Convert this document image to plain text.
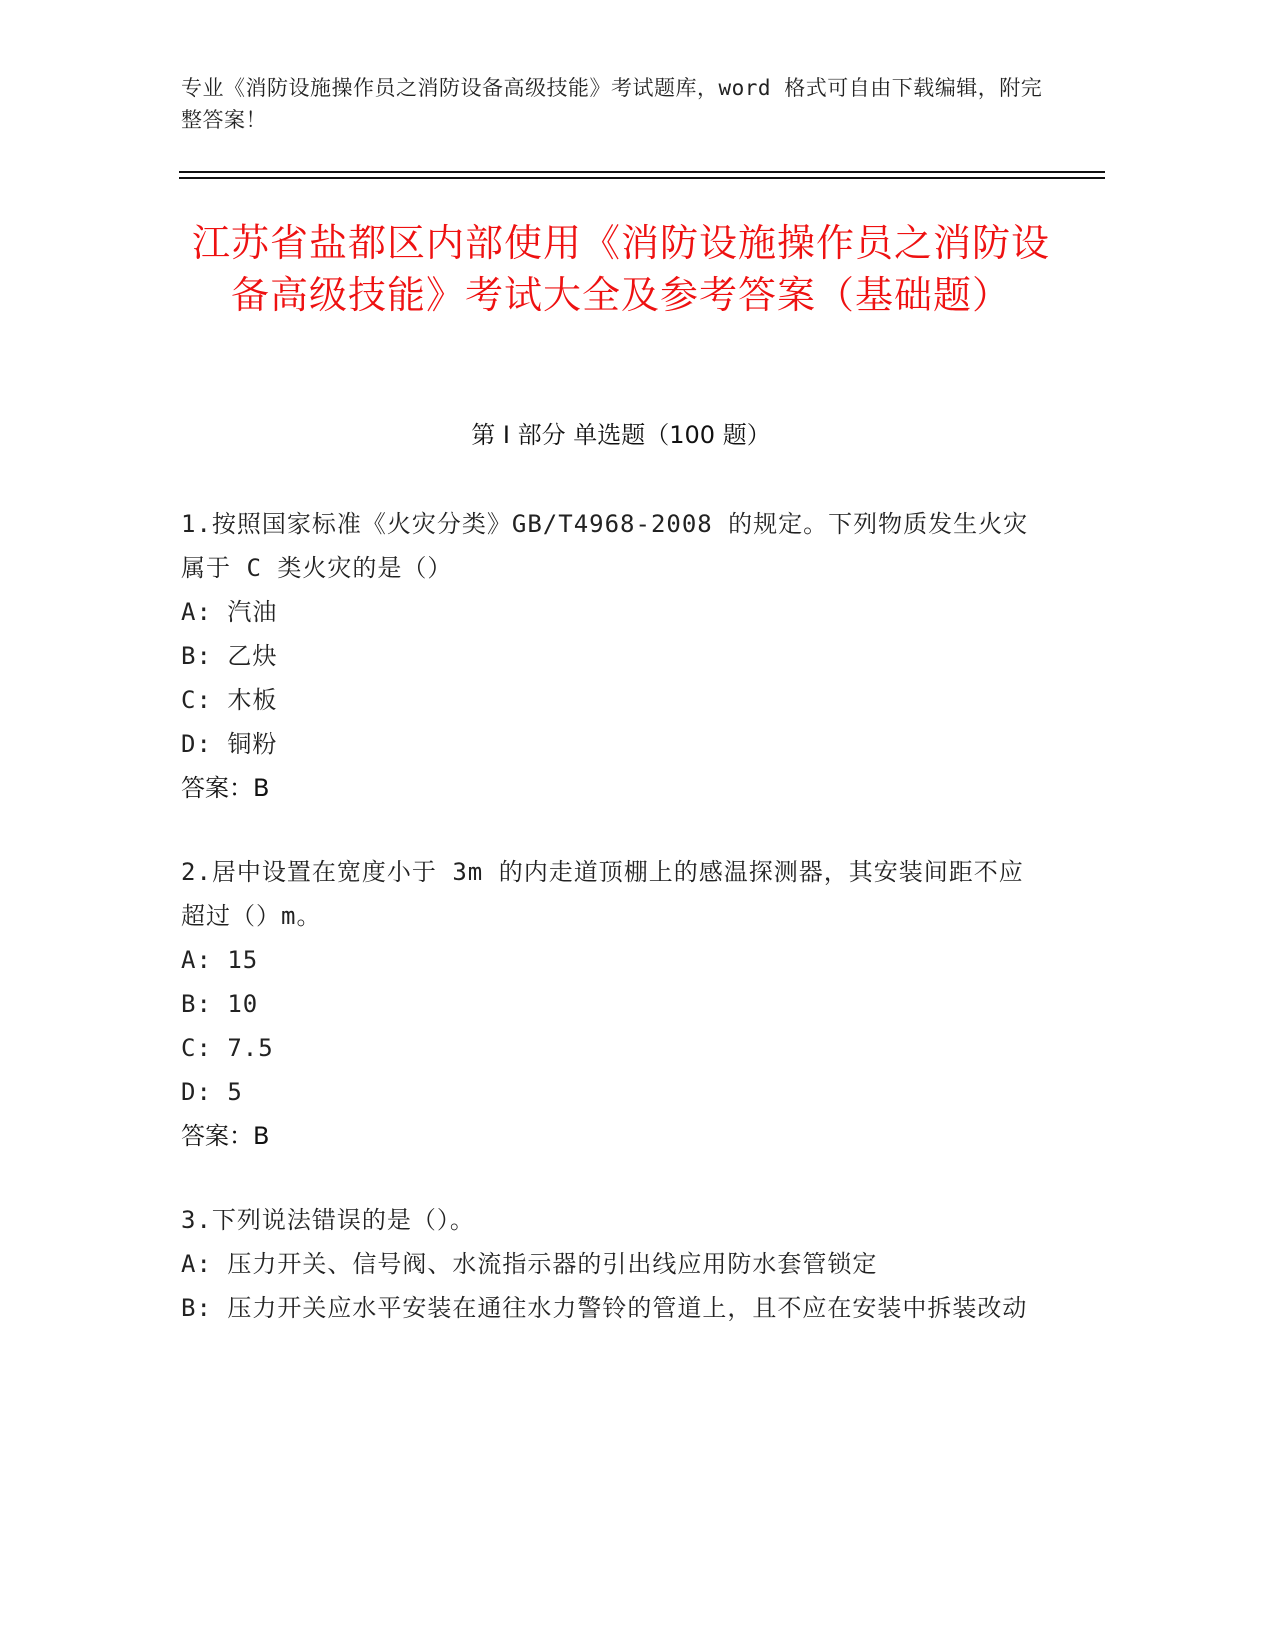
专业《消防设施操作员之消防设备高级技能》考试题库，word 格式可自由下载编辑，附完整答案！
江苏省盐都区内部使用《消防设施操作员之消防设备高级技能》考试大全及参考答案（基础题）
第 I 部分 单选题（100 题）
1.按照国家标准《火灾分类》GB/T4968-2008 的规定。下列物质发生火灾属于 C 类火灾的是（）
A: 汽油
B: 乙炔
C: 木板
D: 铜粉
答案：B
2.居中设置在宽度小于 3m 的内走道顶棚上的感温探测器，其安装间距不应超过（）m。
A: 15
B: 10
C: 7.5
D: 5
答案：B
3.下列说法错误的是（）。
A: 压力开关、信号阀、水流指示器的引出线应用防水套管锁定
B: 压力开关应水平安装在通往水力警铃的管道上，且不应在安装中拆装改动
